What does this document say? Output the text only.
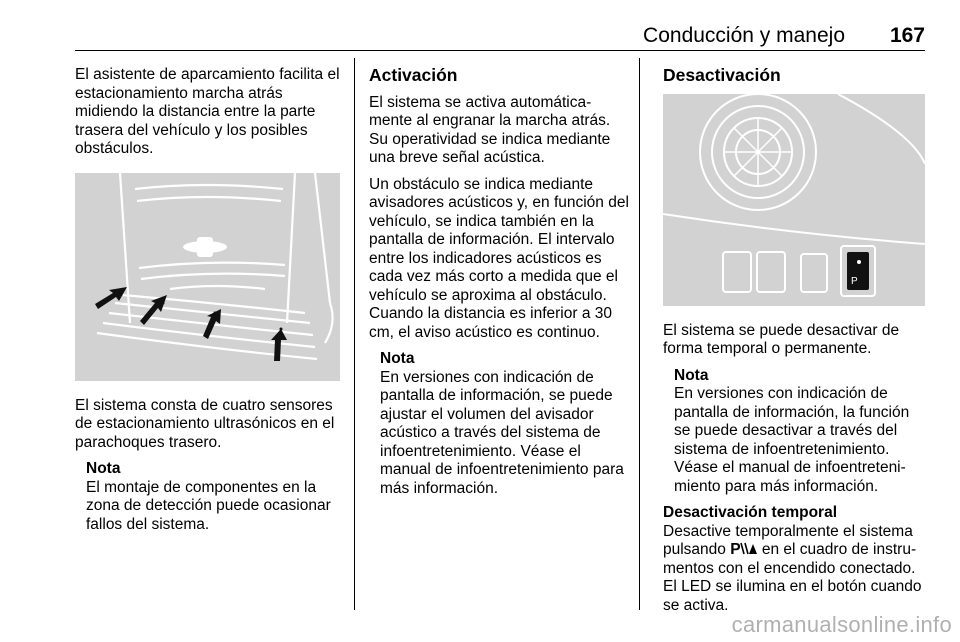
Conducción y manejo 167

El asistente de aparcamiento facilita el estacionamiento marcha atrás midiendo la distancia entre la parte trasera del vehículo y los posibles obstáculos.

El sistema consta de cuatro sensores de estacionamiento ultrasónicos en el parachoques trasero.

Nota
El montaje de componentes en la zona de detección puede ocasionar fallos del sistema.
Activación

El sistema se activa automática-mente al engranar la marcha atrás. Su operatividad se indica mediante una breve señal acústica.

Un obstáculo se indica mediante avisadores acústicos y, en función del vehículo, se indica también en la pantalla de información. El intervalo entre los indicadores acústicos es cada vez más corto a medida que el vehículo se aproxima al obstáculo. Cuando la distancia es inferior a 30 cm, el aviso acústico es continuo.

Nota
En versiones con indicación de pantalla de información, se puede ajustar el volumen del avisador acústico a través del sistema de infoentretenimiento. Véase el manual de infoentretenimiento para más información.
Desactivación
P

El sistema se puede desactivar de forma temporal o permanente.

Nota
En versiones con indicación de pantalla de información, la función se puede desactivar a través del sistema de infoentretenimiento. Véase el manual de infoentreteni-miento para más información.
Desactivación temporal

Desactive temporalmente el sistema pulsando P en el cuadro de instru-mentos con el encendido conectado. El LED se ilumina en el botón cuando se activa.

carmanualsonline.info
